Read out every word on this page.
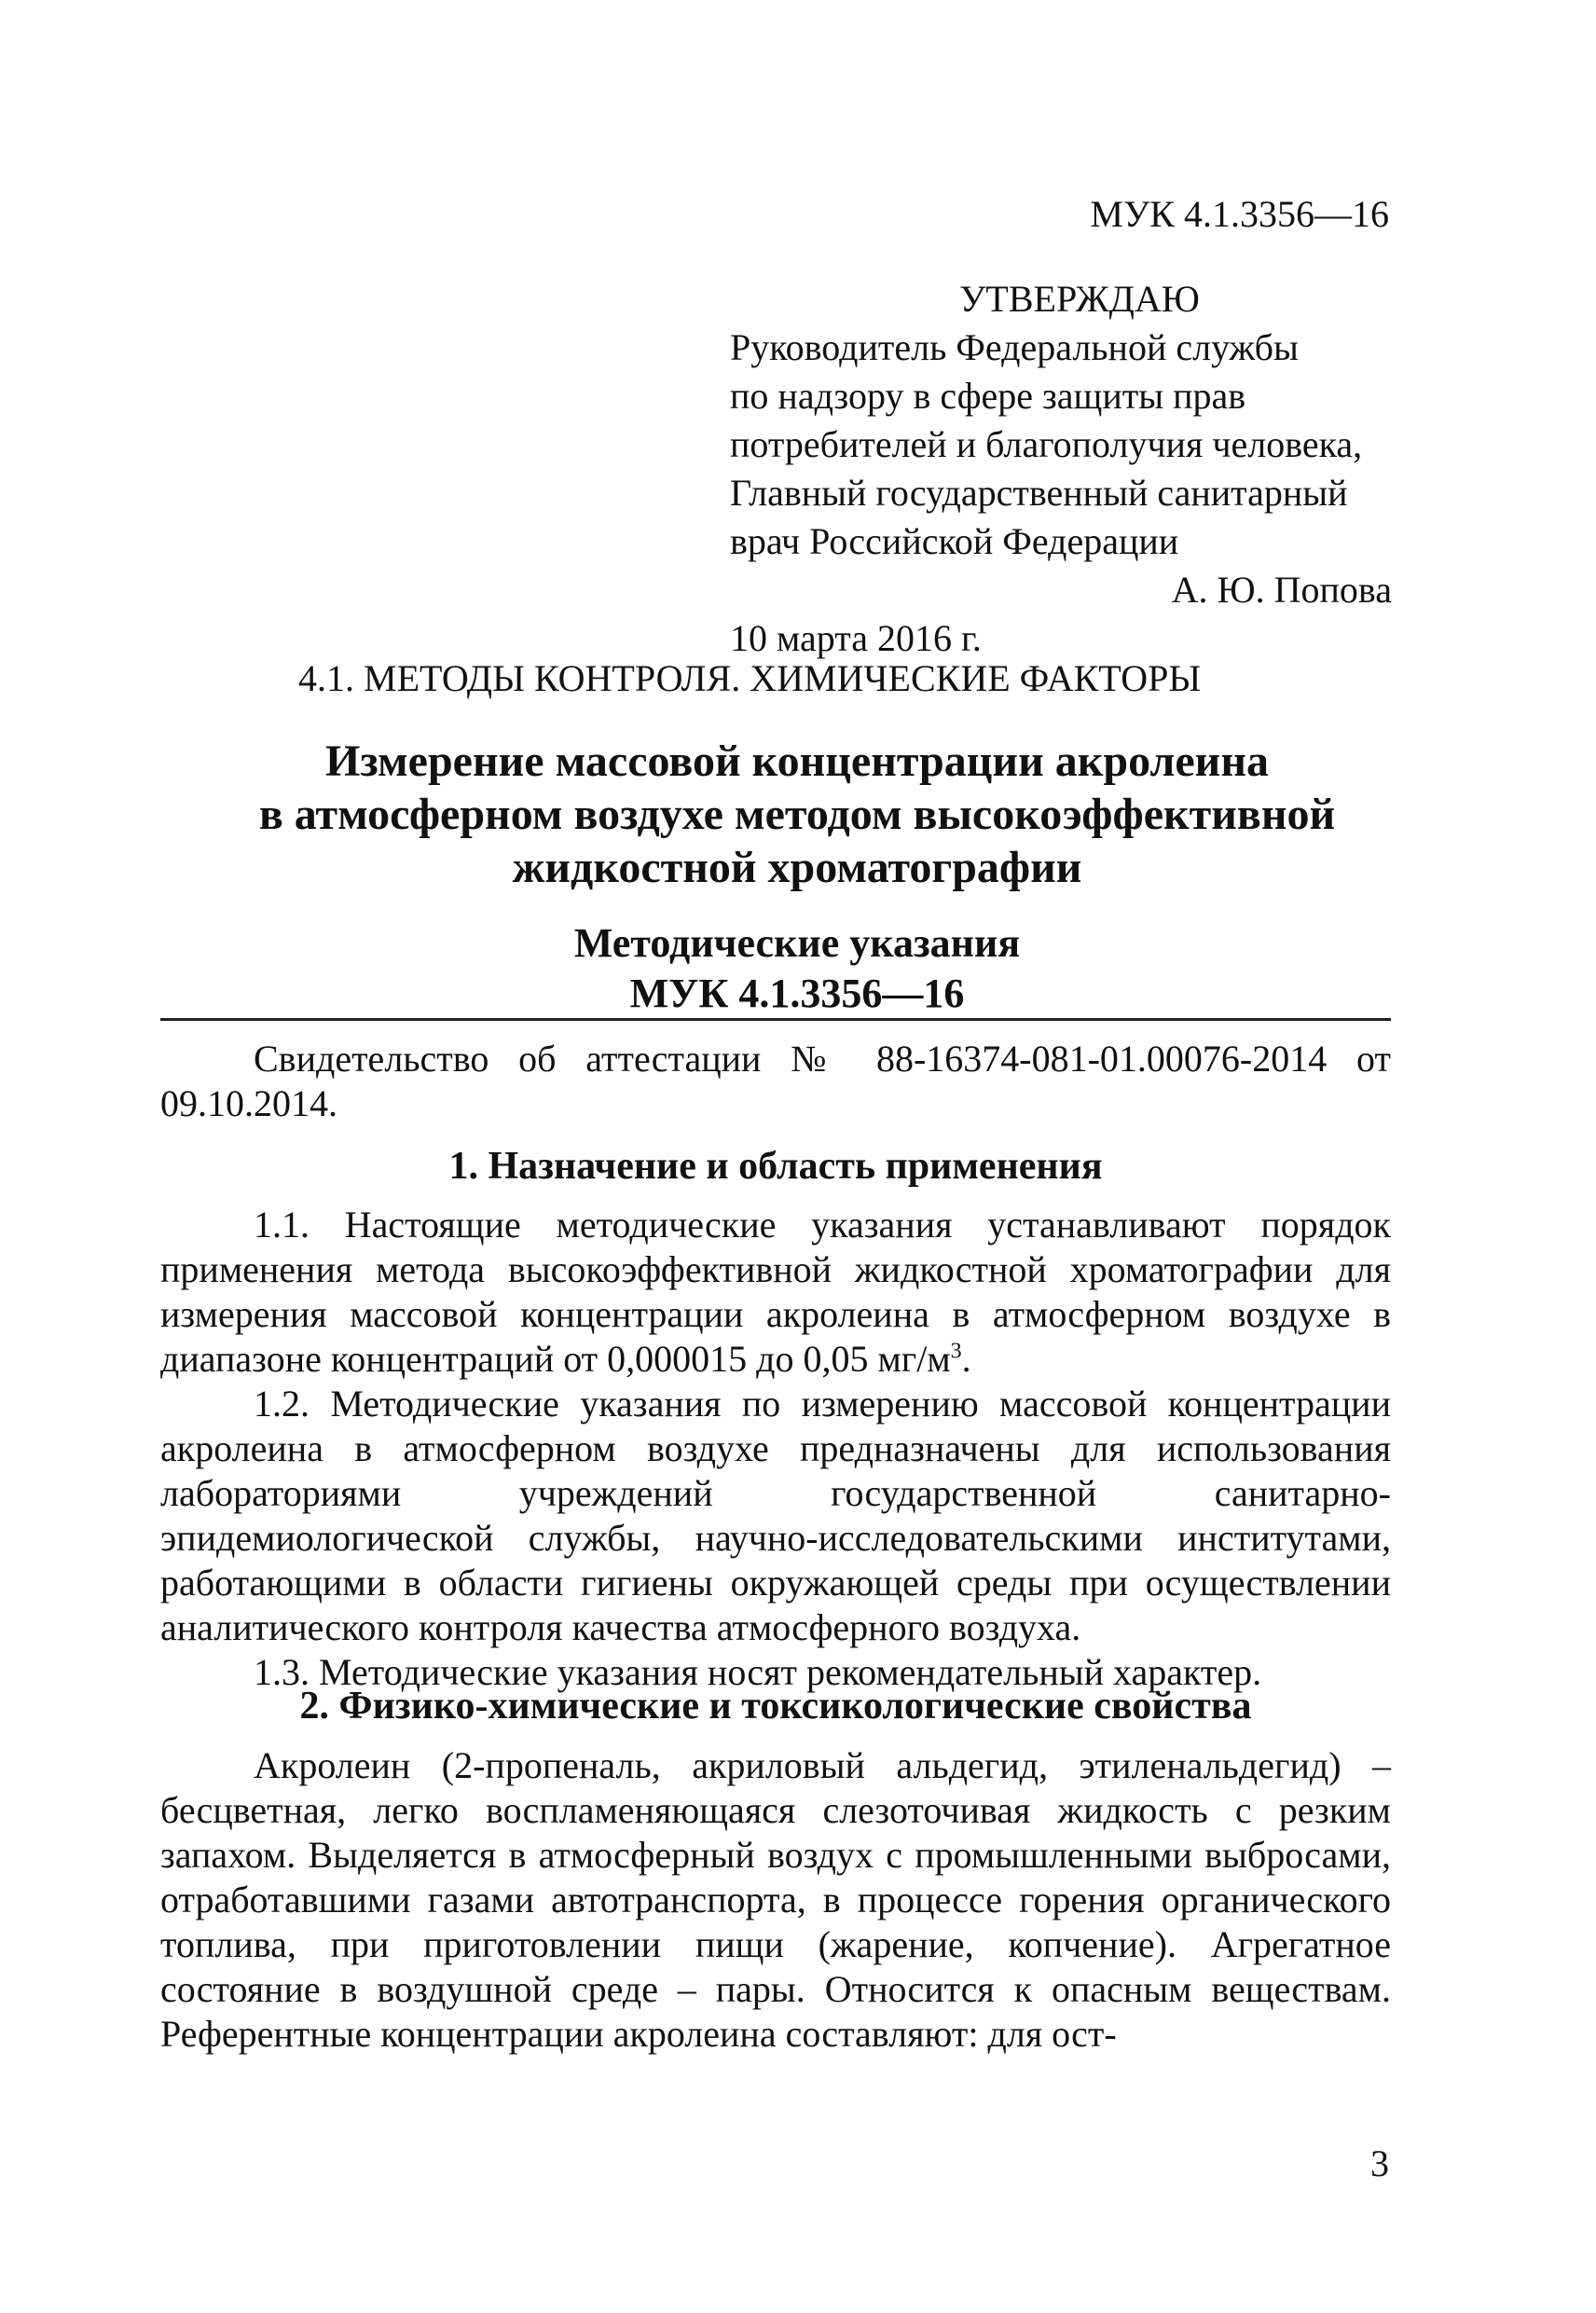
МУК 4.1.3356—16
УТВЕРЖДАЮ
Руководитель Федеральной службы
по надзору в сфере защиты прав
потребителей и благополучия человека,
Главный государственный санитарный
врач Российской Федерации
А. Ю. Попова
10 марта 2016 г.
4.1. МЕТОДЫ КОНТРОЛЯ. ХИМИЧЕСКИЕ ФАКТОРЫ
Измерение массовой концентрации акролеина
в атмосферном воздухе методом высокоэффективной
жидкостной хроматографии
Методические указания
МУК 4.1.3356—16

Свидетельство об аттестации № 88-16374-081-01.00076-2014 от 09.10.2014.

1. Назначение и область применения

1.1. Настоящие методические указания устанавливают порядок применения метода высокоэффективной жидкостной хроматографии для измерения массовой концентрации акролеина в атмосферном воздухе в диапазоне концентраций от 0,000015 до 0,05 $мг/м^3$.

1.2. Методические указания по измерению массовой концентрации акролеина в атмосферном воздухе предназначены для использования лабораториями учреждений государственной санитарно-эпидемиологической службы, научно-исследовательскими институтами, работающими в области гигиены окружающей среды при осуществлении аналитического контроля качества атмосферного воздуха.

1.3. Методические указания носят рекомендательный характер.

2. Физико-химические и токсикологические свойства

Акролеин (2-пропеналь, акриловый альдегид, этиленальдегид) – бесцветная, легко воспламеняющаяся слезоточивая жидкость с резким запахом. Выделяется в атмосферный воздух с промышленными выбросами, отработавшими газами автотранспорта, в процессе горения органического топлива, при приготовлении пищи (жарение, копчение). Агрегатное состояние в воздушной среде – пары. Относится к опасным веществам. Референтные концентрации акролеина составляют: для ост-

3
